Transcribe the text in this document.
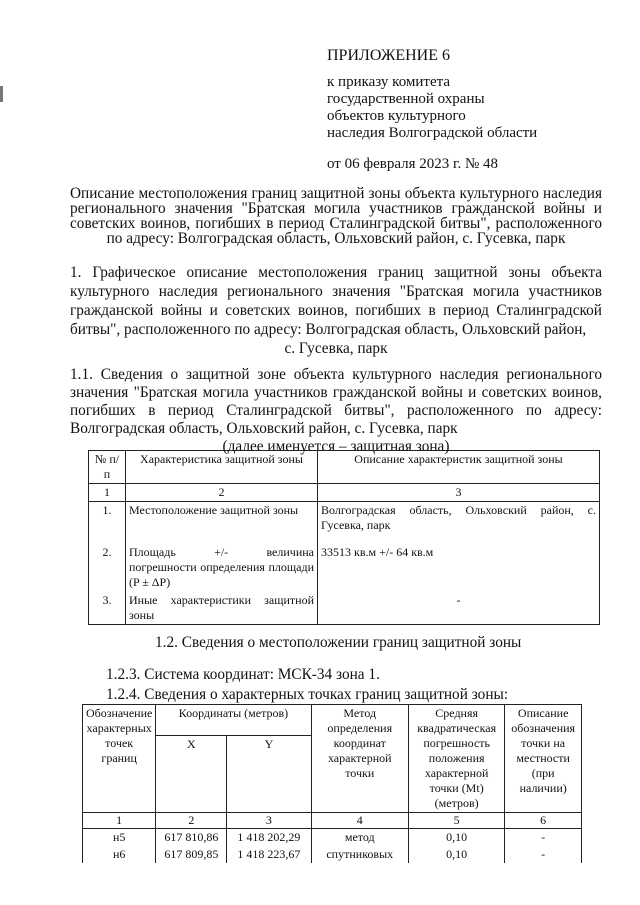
ПРИЛОЖЕНИЕ 6
к приказу комитета
государственной охраны
объектов культурного
наследия Волгоградской области
от 06 февраля 2023 г. № 48
Описание местоположения границ защитной зоны объекта культурного наследия регионального значения "Братская могила участников гражданской войны и советских воинов, погибших в период Сталинградской битвы", расположенного по адресу: Волгоградская область, Ольховский район, с. Гусевка, парк
1. Графическое описание местоположения границ защитной зоны объекта культурного наследия регионального значения "Братская могила участников гражданской войны и советских воинов, погибших в период Сталинградской битвы", расположенного по адресу: Волгоградская область, Ольховский район,
с. Гусевка, парк
1.1. Сведения о защитной зоне объекта культурного наследия регионального значения "Братская могила участников гражданской войны и советских воинов, погибших в период Сталинградской битвы", расположенного по адресу: Волгоградская область, Ольховский район, с. Гусевка, парк
(далее именуется – защитная зона)
№ п/п	Характеристика защитной зоны	Описание характеристик защитной зоны
1	2	3
1.	Местоположение защитной зоны	Волгоградская область, Ольховский район, с. Гусевка, парк
2.	Площадь +/- величина погрешности определения площади (P ± ΔP)	33513 кв.м +/- 64 кв.м
3.	Иные характеристики защитной зоны	-
1.2. Сведения о местоположении границ защитной зоны
1.2.3. Система координат: МСК-34 зона 1.
1.2.4. Сведения о характерных точках границ защитной зоны:
Обозначение характерных точек границ	Координаты (метров)		Метод определения координат характерной точки	Средняя квадратическая погрешность положения характерной точки (Mt) (метров)	Описание обозначения точки на местности (при наличии)
	X	Y			
1	2	3	4	5	6
н5	617 810,86	1 418 202,29	метод	0,10	-
н6	617 809,85	1 418 223,67	спутниковых	0,10	-
